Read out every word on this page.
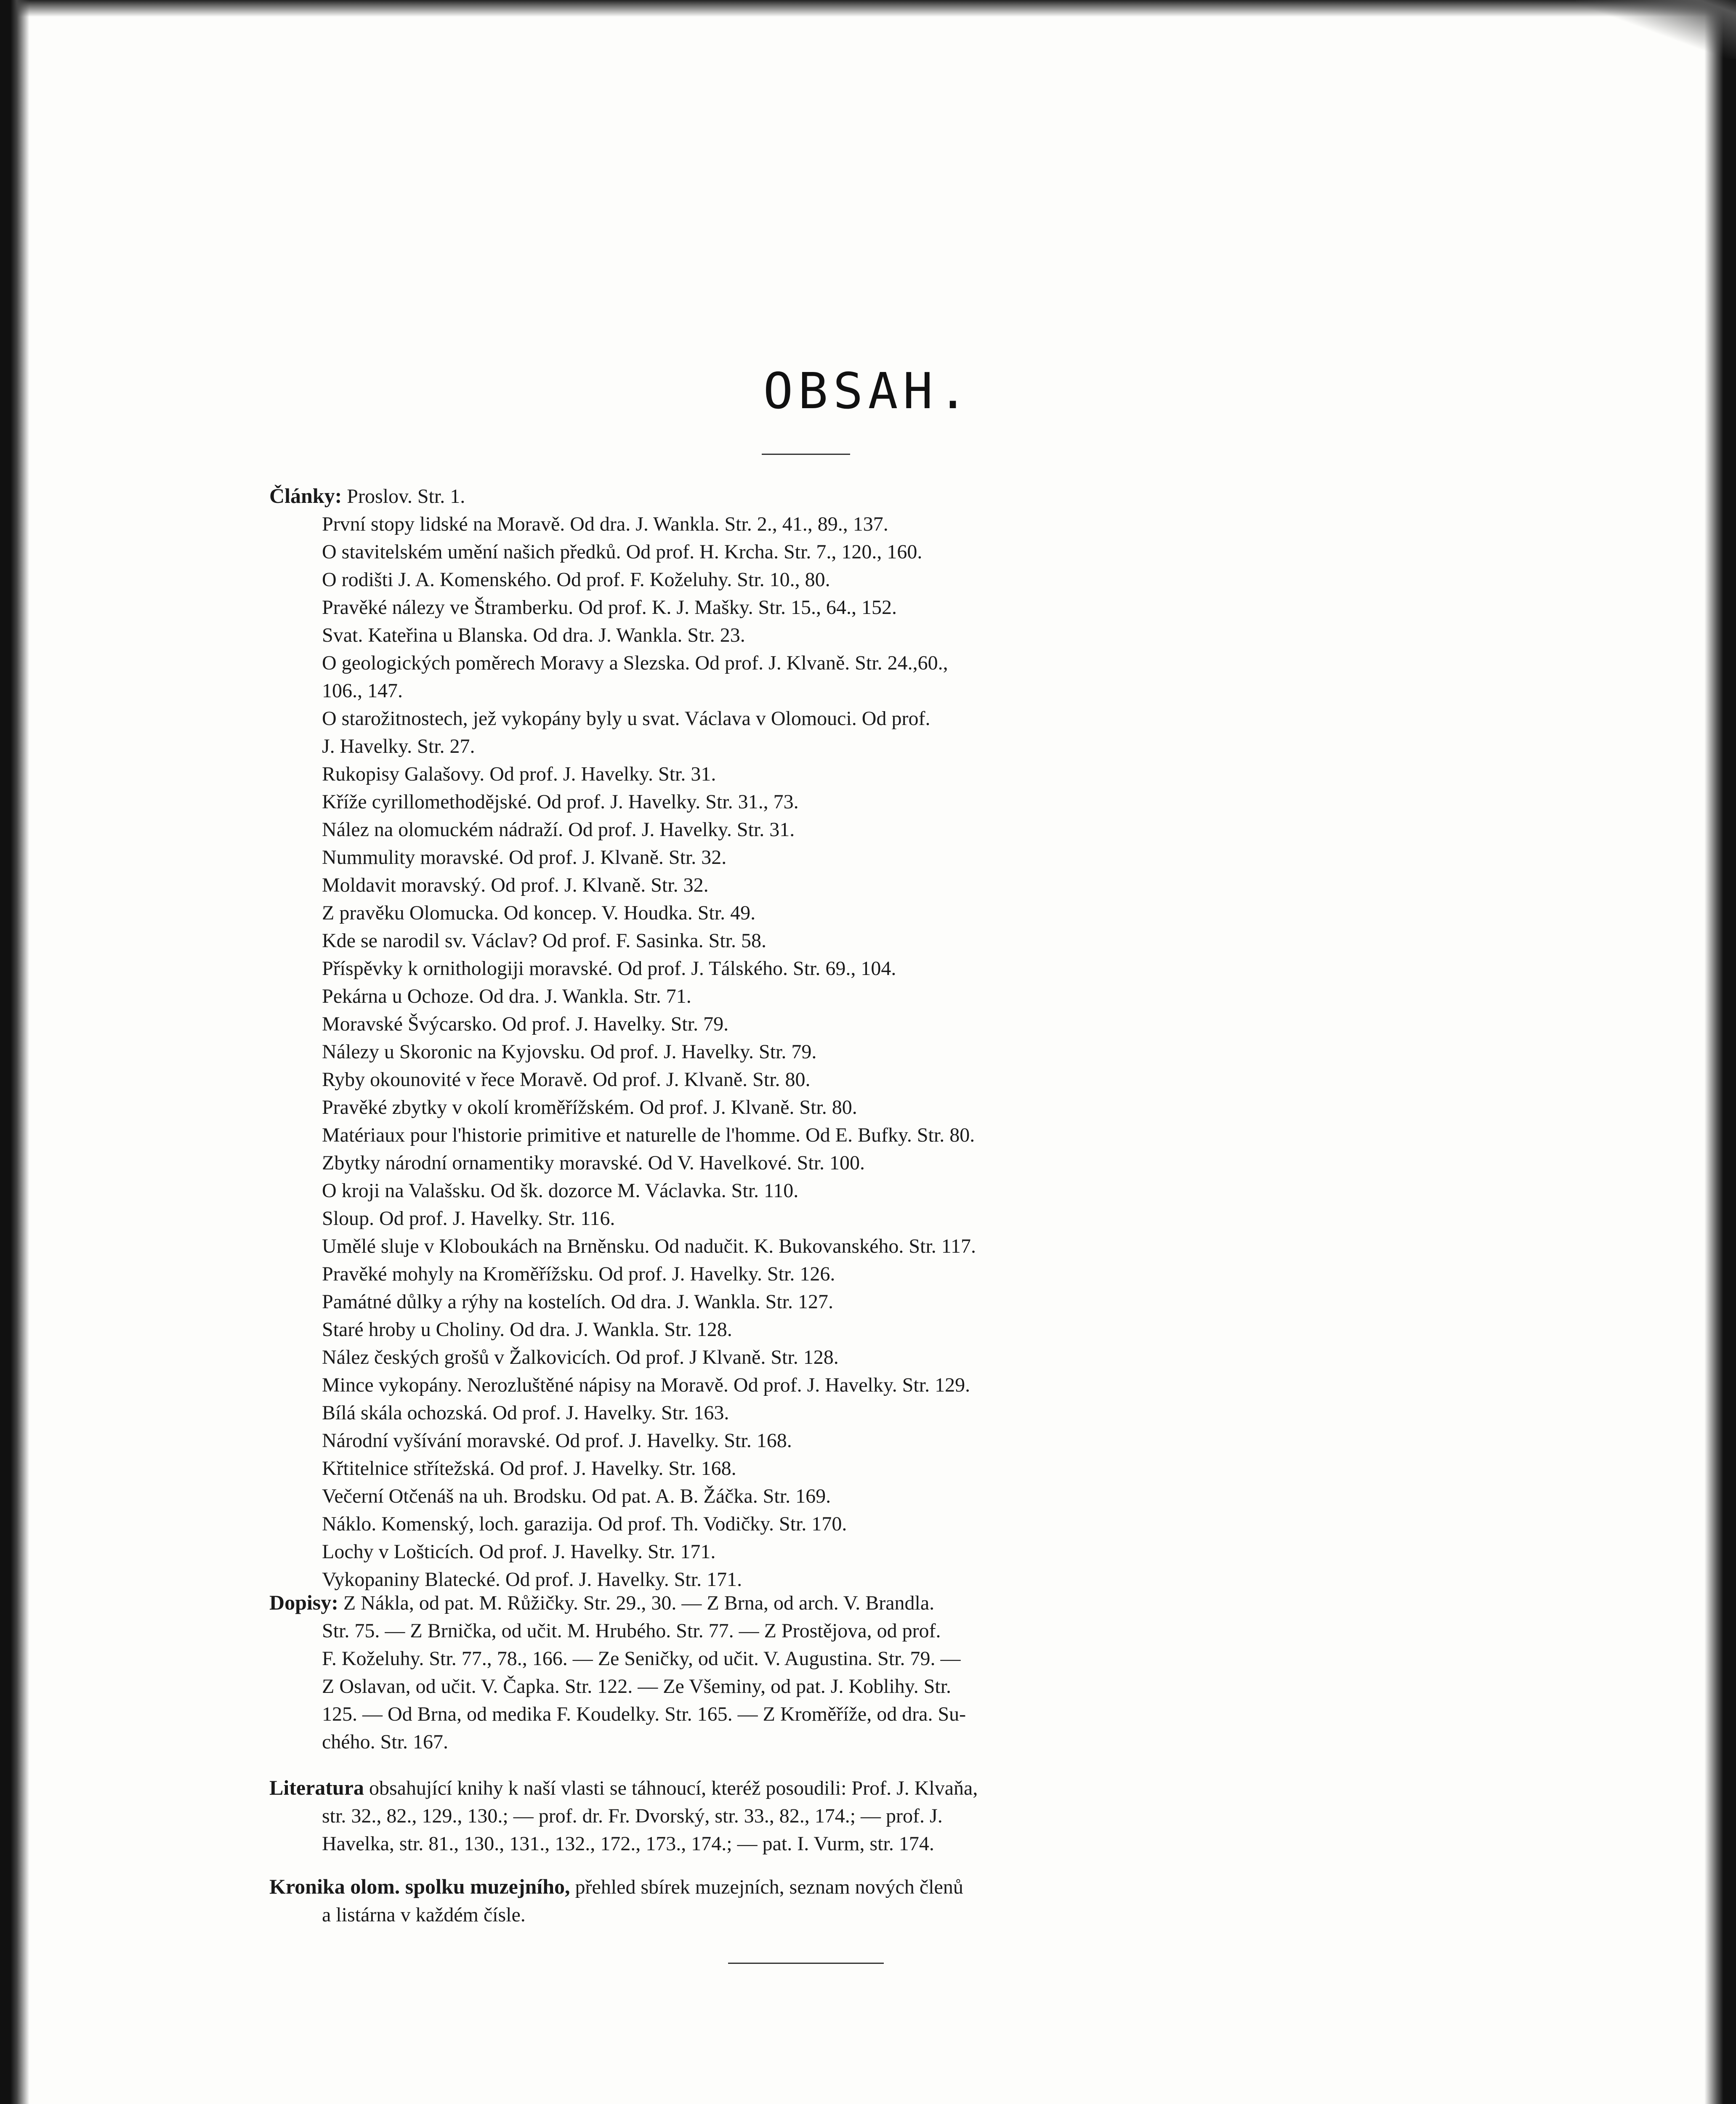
OBSAH.
Články: Proslov. Str. 1.
První stopy lidské na Moravě. Od dra. J. Wankla. Str. 2., 41., 89., 137.
O stavitelském umění našich předků. Od prof. H. Krcha. Str. 7., 120., 160.
O rodišti J. A. Komenského. Od prof. F. Koželuhy. Str. 10., 80.
Pravěké nálezy ve Štramberku. Od prof. K. J. Mašky. Str. 15., 64., 152.
Svat. Kateřina u Blanska. Od dra. J. Wankla. Str. 23.
O geologických poměrech Moravy a Slezska. Od prof. J. Klvaně. Str. 24.,60.,
106., 147.
O starožitnostech, jež vykopány byly u svat. Václava v Olomouci. Od prof.
J. Havelky. Str. 27.
Rukopisy Galašovy. Od prof. J. Havelky. Str. 31.
Kříže cyrillomethodějské. Od prof. J. Havelky. Str. 31., 73.
Nález na olomuckém nádraží. Od prof. J. Havelky. Str. 31.
Nummulity moravské. Od prof. J. Klvaně. Str. 32.
Moldavit moravský. Od prof. J. Klvaně. Str. 32.
Z pravěku Olomucka. Od koncep. V. Houdka. Str. 49.
Kde se narodil sv. Václav? Od prof. F. Sasinka. Str. 58.
Příspěvky k ornithologiji moravské. Od prof. J. Tálského. Str. 69., 104.
Pekárna u Ochoze. Od dra. J. Wankla. Str. 71.
Moravské Švýcarsko. Od prof. J. Havelky. Str. 79.
Nálezy u Skoronic na Kyjovsku. Od prof. J. Havelky. Str. 79.
Ryby okounovité v řece Moravě. Od prof. J. Klvaně. Str. 80.
Pravěké zbytky v okolí kroměřížském. Od prof. J. Klvaně. Str. 80.
Matériaux pour l'historie primitive et naturelle de l'homme. Od E. Bufky. Str. 80.
Zbytky národní ornamentiky moravské. Od V. Havelkové. Str. 100.
O kroji na Valašsku. Od šk. dozorce M. Václavka. Str. 110.
Sloup. Od prof. J. Havelky. Str. 116.
Umělé sluje v Kloboukách na Brněnsku. Od nadučit. K. Bukovanského. Str. 117.
Pravěké mohyly na Kroměřížsku. Od prof. J. Havelky. Str. 126.
Památné důlky a rýhy na kostelích. Od dra. J. Wankla. Str. 127.
Staré hroby u Choliny. Od dra. J. Wankla. Str. 128.
Nález českých grošů v Žalkovicích. Od prof. J Klvaně. Str. 128.
Mince vykopány. Nerozluštěné nápisy na Moravě. Od prof. J. Havelky. Str. 129.
Bílá skála ochozská. Od prof. J. Havelky. Str. 163.
Národní vyšívání moravské. Od prof. J. Havelky. Str. 168.
Křtitelnice střítežská. Od prof. J. Havelky. Str. 168.
Večerní Otčenáš na uh. Brodsku. Od pat. A. B. Žáčka. Str. 169.
Náklo. Komenský, loch. garazija. Od prof. Th. Vodičky. Str. 170.
Lochy v Lošticích. Od prof. J. Havelky. Str. 171.
Vykopaniny Blatecké. Od prof. J. Havelky. Str. 171.
Dopisy: Z Nákla, od pat. M. Růžičky. Str. 29., 30. — Z Brna, od arch. V. Brandla.
Str. 75. — Z Brnička, od učit. M. Hrubého. Str. 77. — Z Prostějova, od prof.
F. Koželuhy. Str. 77., 78., 166. — Ze Seničky, od učit. V. Augustina. Str. 79. —
Z Oslavan, od učit. V. Čapka. Str. 122. — Ze Všeminy, od pat. J. Koblihy. Str.
125. — Od Brna, od medika F. Koudelky. Str. 165. — Z Kroměříže, od dra. Su-
chého. Str. 167.
Literatura obsahující knihy k naší vlasti se táhnoucí, kteréž posoudili: Prof. J. Klvaňa,
str. 32., 82., 129., 130.; — prof. dr. Fr. Dvorský, str. 33., 82., 174.; — prof. J.
Havelka, str. 81., 130., 131., 132., 172., 173., 174.; — pat. I. Vurm, str. 174.
Kronika olom. spolku muzejního, přehled sbírek muzejních, seznam nových členů
a listárna v každém čísle.
